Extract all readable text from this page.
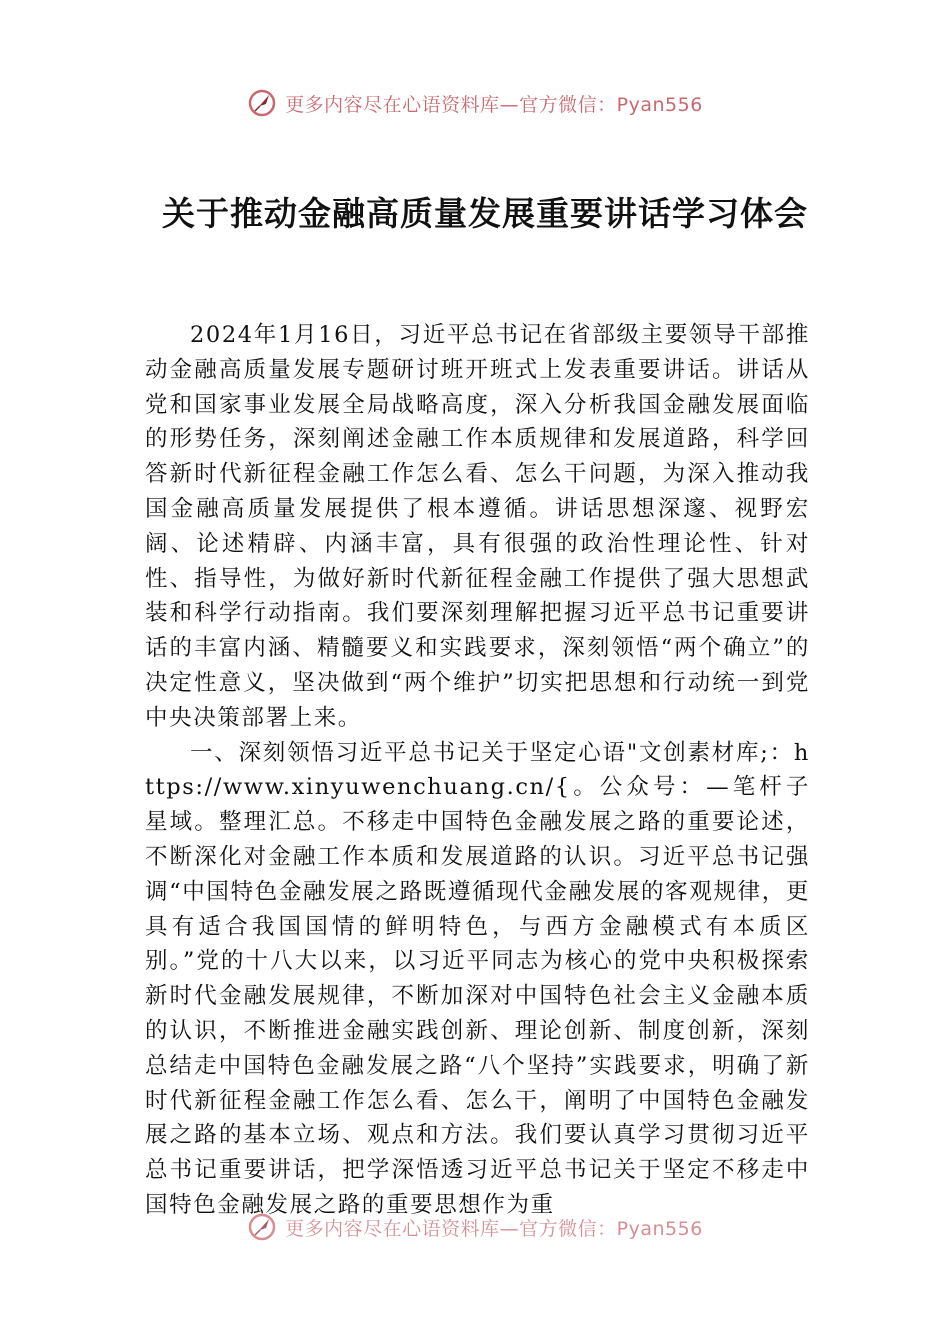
更多内容尽在心语资料库—官方微信：Pyan556
关于推动金融高质量发展重要讲话学习体会

2024年1月16日，习近平总书记在省部级主要领导干部推动金融高质量发展专题研讨班开班式上发表重要讲话。讲话从党和国家事业发展全局战略高度，深入分析我国金融发展面临的形势任务，深刻阐述金融工作本质规律和发展道路，科学回答新时代新征程金融工作怎么看、怎么干问题，为深入推动我国金融高质量发展提供了根本遵循。讲话思想深邃、视野宏阔、论述精辟、内涵丰富，具有很强的政治性理论性、针对性、指导性，为做好新时代新征程金融工作提供了强大思想武装和科学行动指南。我们要深刻理解把握习近平总书记重要讲话的丰富内涵、精髓要义和实践要求，深刻领悟“两个确立”的决定性意义，坚决做到“两个维护”切实把思想和行动统一到党中央决策部署上来。

一、深刻领悟习近平总书记关于坚定心语"文创素材库;：https://www.xinyuwenchuang.cn/{。公众号：—笔杆子星域。整理汇总。不移走中国特色金融发展之路的重要论述，不断深化对金融工作本质和发展道路的认识。习近平总书记强调“中国特色金融发展之路既遵循现代金融发展的客观规律，更具有适合我国国情的鲜明特色，与西方金融模式有本质区别。”党的十八大以来，以习近平同志为核心的党中央积极探索新时代金融发展规律，不断加深对中国特色社会主义金融本质的认识，不断推进金融实践创新、理论创新、制度创新，深刻总结走中国特色金融发展之路“八个坚持”实践要求，明确了新时代新征程金融工作怎么看、怎么干，阐明了中国特色金融发展之路的基本立场、观点和方法。我们要认真学习贯彻习近平总书记重要讲话，把学深悟透习近平总书记关于坚定不移走中国特色金融发展之路的重要思想作为重

更多内容尽在心语资料库—官方微信：Pyan556
